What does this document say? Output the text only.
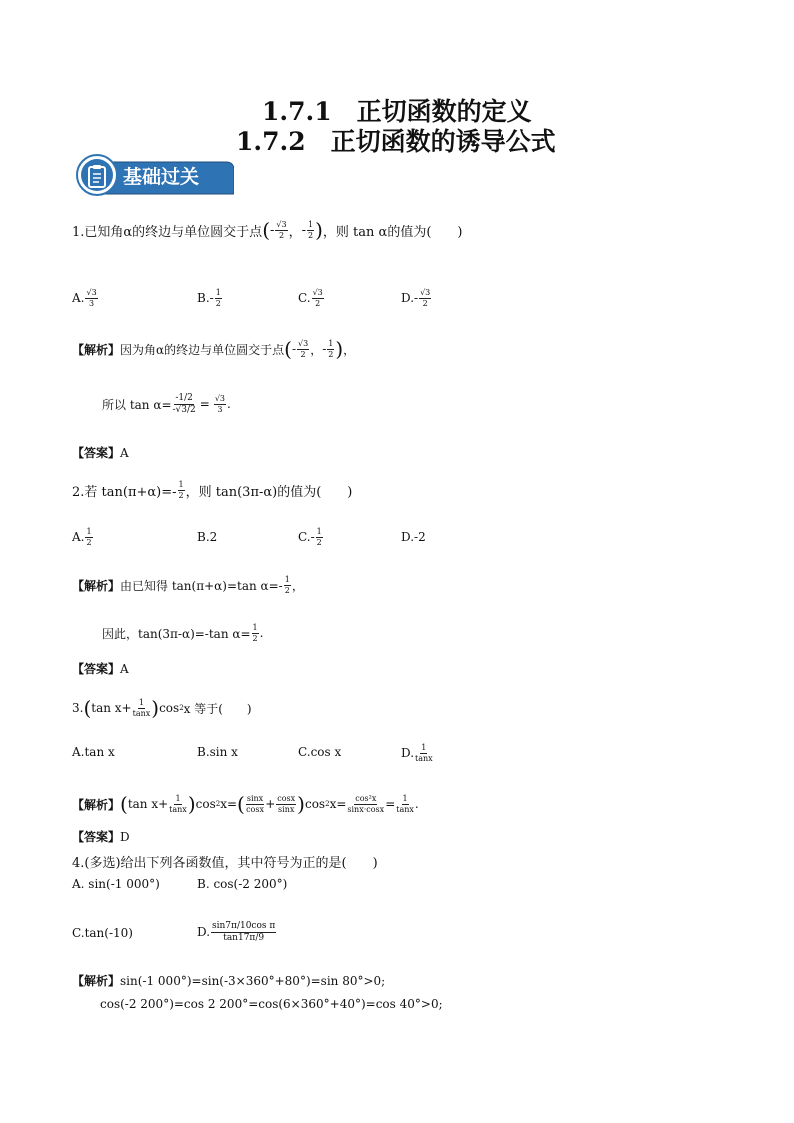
1.7.1　正切函数的定义
1.7.2　正切函数的诱导公式
基础过关
1.已知角α的终边与单位圆交于点 ( - $\frac{√3}{2}$ ， - $\frac{1}{2}$ ) ，则 tan α的值为(　　)
A. $\frac{√3}{3}$	$B.- \frac{1}{2}$	C. $\frac{√3}{2}$	$D.- \frac{√3}{2}$
【解析】 因为角α的终边与单位圆交于点 ( - $\frac{√3}{2}$ ， - $\frac{1}{2}$ ) ，
所以 $\tan \alpha= \frac{-1/2}{-√3/2} = \frac{√3}{3}$ .
【答案】A
2.若 $\tan(\pi+\alpha)=- \frac{1}{2}$ ，则 tan(3π-α)的值为(　　)
A. $\frac{1}{2}$	B.2	$C.- \frac{1}{2}$	D.-2
【解析】 由已知得 tan(π+α)=tan $\alpha=- \frac{1}{2}$ ，
因此，tan(3π-α)=-tan $\alpha= \frac{1}{2}$ .
【答案】A
3. ( $\tan x+ \frac{1}{\tan x}$ ) cos 2 x 等于(　　)
A.tan x	B.sin x	C.cos x	D. $\frac{1}{\tan x}$
【解析】 ( $\tan x+ \frac{1}{\tan x}$ ) cos 2 x= ( $\frac{\sin x}{\cos x} + \frac{\cos x}{\sin x}$ ) cos 2 $x= \frac{\text{cos²x}}{\sin x\cdot\cos x} = \frac{1}{\tan x}$ .
【答案】D
4.(多选)给出下列各函数值，其中符号为正的是(　　)
A. sin(-1 000°)	B. cos(-2 200°)
C.tan(-10)	D. $\frac{\text{sin7π/10cos π}}{\tan 17\pi/9}$
【解析】sin(-1 000°)=sin(-3×360°+80°)=sin 80°>0;
cos(-2 200°)=cos 2 200°=cos(6×360°+40°)=cos 40°>0;
